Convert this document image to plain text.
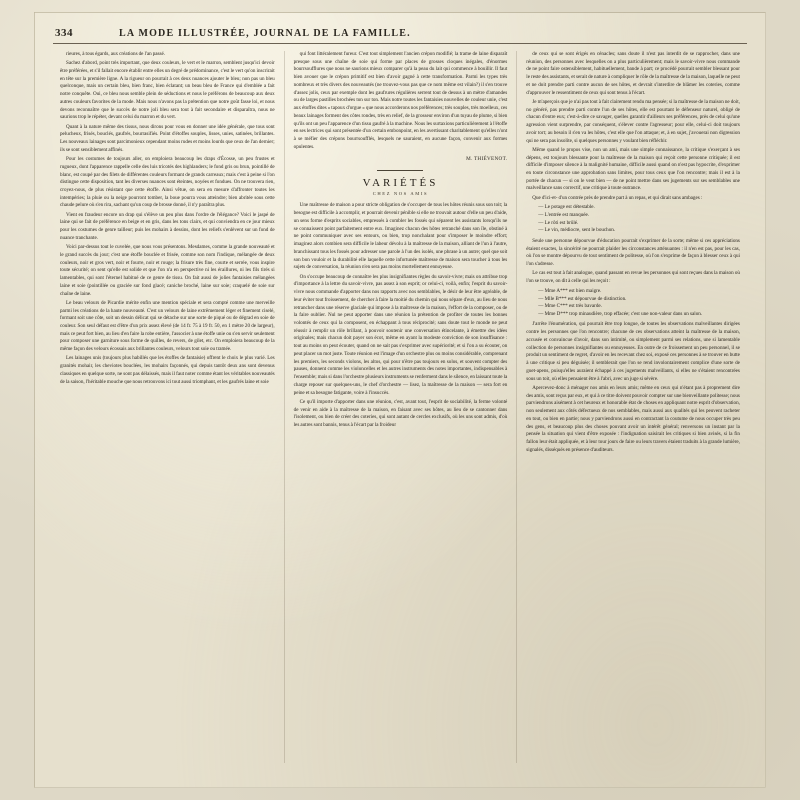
334	LA MODE ILLUSTRÉE, JOURNAL DE LA FAMILLE.

rieures, à tous égards, aux créations de l'an passé.

Sachez d'abord, point très important, que deux couleurs, le vert et le marron, semblent jusqu'ici devoir être préférées, et s'il fallait encore établir entre elles un degré de prédominance, c'est le vert qu'on inscrirait en tête sur la première ligne. A la rigueur on pourrait à ces deux nuances ajouter le bleu; non pas un bleu quelconque, mais un certain bleu, bien franc, bien éclatant; un beau bleu de France qui d'emblée a fait notre conquête. Oui, ce bleu nous semble plein de séductions et nous le préférons de beaucoup aux deux autres couleurs favorites de la mode. Mais nous n'avons pas la prétention que notre goût fasse loi, et nous devons reconnaître que le succès de notre joli bleu sera tout à fait secondaire et disparaîtra, nous ne saurions trop le répéter, devant celui du marron et du vert.

Quant à la nature même des tissus, nous dirons pour vous en donner une idée générale, que tous sont pelucheux, frisés, bouclés, gaufrés, bourrasifiés. Point d'étoffes souples, lisses, unies, satinées, brillantes. Les nouveaux lainages sont parcimonieux cependant moins rudes et moins lourds que ceux de l'an dernier; ils se sont sensiblement affinés.

Pour les costumes de toujours aller, on emploiera beaucoup les draps d'Écosse, un peu frustes et rugueux, dont l'apparence rappelle celle des luis tricotés des highlanders; le fond gris ou brun, pointillé de blanc, est coupé par des filets de différentes couleurs formant de grands carreaux; mais c'est à peine si l'on distingue cette disposition, tant les diverses nuances sont éteintes, noyées et fondues. On ne trouvera rien, croyez-nous, de plus résistant que cette étoffe. Ainsi vêtue, on sera en mesure d'affronter toutes les intempéries; la pluie ou la neige pourront tomber, la boue pourra vous atteindre; bien abritée sous cette chaude pelure où s'en rira, sachant qu'un coup de brosse donné, il n'y paraîtra plus.

Vient en fraudeur encore un drap qui s'élève un peu plus dans l'ordre de l'élégance? Voici le jaspé de laine qui se fait de préférence en beige et en gris, dans les tons clairs, et qui conviendra en ce jour mieux pour les costumes de genre tailleur; puis les mohairs à dessins, dont les reliefs s'enlèvent sur un fond de nuance tranchante.

Voici par-dessus tout le cuvelée, que nous vous présentons. Mesdames, comme la grande nouveauté et le grand succès du jour; c'est une étoffe bouclée et frisée, comme son nom l'indique, mélangée de deux couleurs, noir et gros vert, noir et fourre, noir et rouge; la frisure très fine, courte et serrée, vous inspire toute sécurité; on sent qu'elle est solide et que l'on n'a en perspective ni les éraillures, ni les fils tirés si lamentables, qui sont l'éternel habitué de ce genre de tissu. On fait aussi de jolies fantaisies mélangées laine et soie (pointillée ou graciée sur fond glacé; caniche broché, laine sur soie; craquelé de soie sur chaîne de laine.

Le beau velours de Picardie mérite enfin une mention spéciale et sera compté comme une merveille parmi les créations de la haute nouveauté. C'est un velours de laine extrêmement léger et finement ciselé, formant soit une côte, soit un dessin délicat qui se détache sur une sorte de piqué ou de dégrad en soie de couleur. Son seul défaut est d'être d'un prix assez élevé (de 14 fr. 75 à 19 fr. 50, en 1 mètre 20 de largeur), mais ce peut fort bien, au lieu d'en faire la robe entière, l'associer à une étoffe unie ou s'en servir seulement pour composer une garniture sous forme de quilles, de revers, de gilet, etc. On emploiera beaucoup de la même façon des velours écossais aux brillantes couleurs, velours tout soie ou tramée.

Les lainages unis (toujours plus habillés que les étoffes de fantaisie) offrent le choix le plus varié. Les granités mohair, les cheviotes bouclées, les mohairs façonnés, qui depuis tantôt deux ans sont devenus classiques en quelque sorte, ne sont pas délaissés, mais il faut noter comme étant les véritables nouveautés de la saison, l'héritable mouche que nous retrouvons ici tout aussi triomphant, et les gaufrés laine et soie

qui font littéralement fureur. C'est tout simplement l'ancien crépon modifié; la trame de laine disparaît presque sous une chaîne de soie qui forme par places de grosses cloques inégales, d'énormes bourrsoufflures que nous ne saurions mieux comparer qu'à la peau du lait qui commence à bouillir. Il faut bien avouer que le crépon primitif est bien d'avoir gagné à cette transformation. Parmi les types très nombreux et très divers des nouveautés (ne trouvez-vous pas que ce nom même est vilain?) il s'en trouve d'assez jolis, ceux par exemple dont les gaufrures régulières serrent tout de dessus à un mètre d'amandes ou de larges pastilles brochées ton sur ton. Mais notre toutes les fantaisies nouvelles de couleur unie, c'est aux étoffes dites « tapoux d'orgue » que nous accorderons nos préférences; très souples, très moelleux, ces beaux lainages forment des côtes rondes, très en relief, de la grosseur environ d'un tuyau de plume, si bien qu'ils ont un peu l'apparence d'un tissu gaufré à la machine. Nous les surtaxions particulièrement à l'étoffe en ses lectrices qui sont présentée d'un certain embonpoint, en les avertissant charitablement qu'elles n'ont à se méfier des crépons bourrsoufflés, lesquels ne sauraient, en aucune façon, convenir aux formes opulentes.

M. THIÉVENOT.

VARIÉTÉS
CHEZ NOS AMIS

Une maîtresse de maison a pour stricte obligation de s'occuper de tous les hôtes réunis sous son toit; la besogne est difficile à accomplir, et pourrait devenir pénible si elle ne trouvait autour d'elle un peu d'aide, un sens forme d'esprits sociables, empressés à combler les fossés qui séparent les assistants lorsqu'ils ne se connaissent point parfaitement entre eux. Imaginez chacun des hôtes retranché dans son île, obstiné à ne point communiquer avec ses entours, ou bien, trop nonchalant pour s'imposer le moindre effort; imaginez alors combien sera difficile le labeur dévolu à la maîtresse de la maison, alliant de l'un à l'autre, branchissant tous les fossés pour adresser une parole à l'un des isolés, une phrase à un autre; quel que soit son bon vouloir et la durabilité elle laquelle cette infortunée maîtresse de maison sera toucher à tous les sujets de conversation, la réunion n'en sera pas moins mortellement ennuyeuse.

On s'occupe beaucoup de connaître les plus insignifiantes règles du savoir-vivre; mais on attribue trop d'importance à la lettre du savoir-vivre, pas assez à son esprit; or celui-ci, voilà, enfin; l'esprit du savoir-vivre nous commande d'apporter dans nos rapports avec nos semblables, le désir de leur être agréable, de leur éviter tout froissement, de chercher à faire la moitié du chemin qui nous sépare d'eux, au lieu de nous retrancher dans une réserve glaciale qui impose à la maîtresse de la maison, l'effort de la composer, ou de la faire oublier. Nul ne peut apporter dans une réunion la prétention de profiter de toutes les bonnes volontés de ceux qui la composent, en échappant à tous réciprocité; sans doute tout le monde ne peut réussir à remplir un rôle brillant, à pouvoir soutenir une conversation étincelante, à émettre des idées originales; mais chacun doit payer son écot, même en ayant la modeste conviction de son insuffisance : tout au moins on peut écouter, quand on ne sait pas s'exprimer avec supériorité; et si l'on a su écouter, on peut placer un mot juste. Toute réunion est l'image d'un orchestre plus ou moins considérable, comprenant les premiers, les seconds violons, les altos, qui pour n'être pas toujours en solos, et souvent compter des pauses, donnent comme les violoncelles et les autres instruments des notes importantes, indispensables à l'ensemble; mais si dans l'orchestre plusieurs instruments se renferment dans le silence, en laissant toute la charge reposer sur quelques-uns, le chef d'orchestre — lisez, la maîtresse de la maison — sera fort en peine et sa besogne fatigante, voire à l'insuccès.

Ce qu'il importe d'apporter dans une réunion, c'est, avant tout, l'esprit de sociabilité, la ferme volonté de venir en aide à la maîtresse de la maison, en faisant avec ses hôtes, au lieu de se cantonner dans l'isolement, ou bien de créer des coteries, qui sont autant de cercles exclusifs, où les uns sont admis, d'où les autres sont bannis, tenus à l'écart par la froideur

de ceux qui se sont érigés en cénacles; sans doute il n'est pas interdit de se rapprocher, dans une réunion, des personnes avec lesquelles on a plus particulièrement; mais le savoir-vivre nous commande de ne point faire ostensiblement, habituellement, bande à part; ce procédé pourrait sembler blessant pour le reste des assistants, et serait de nature à compliquer le rôle de la maîtresse de la maison, laquelle ne peut et ne doit prendre parti contre aucun de ses hôtes, et devrait s'interdire de blâmer les coteries, comme d'approuver le ressentiment de ceux qui sont tenus à l'écart.

Je m'aperçois que je n'ai pas tout à fait clairement rendu ma pensée; si la maîtresse de la maison ne doit, no généré, pas prendre parti contre l'un de ses hôtes, elle est pourtant le défenseur naturel, obligé de chacun d'entre eux; c'est-à-dire ce savager, quelles garantir d'ailleurs ses préférences, près de celui qu'une agression vient surprendre, par conséquent, s'élever contre l'agresseur; pour elle, celui-ci doit toujours avoir tort; au besoin il s'en va les hôtes, c'est elle que l'on attaque; et, à en sujet, j'avouerai non digression qui ne sera pas insolite, si quelques personnes y voulant bien réfléchir.

Même quand le propos vise, non un ami, mais une simple connaissance, la critique s'exerçant à ses dépens, est toujours blessante pour la maîtresse de la maison qui reçoit cette personne critiquée; il est difficile d'imposer silence à la malignité humaine, difficile aussi quand on n'est pas hypocrite, d'exprimer en toute circonstance une approbation sans limites, pour tous ceux que l'on rencontre; mais il est à la portée de chacun — si on le veut bien — de ne point mettre dans ses jugements sur ses semblables une malveillance sans correctif, une critique à toute outrance.

Que d'ici-et- d'un contrée près de prendre part à un repas, et qui dirait sans ambages :

— Le potage est détestable.
— L'entrée est manquée.
— Le rôti est brûlé.
— Le vin, médiocre, sent le bouchon.

Seule une personne dépourvue d'éducation pourrait s'exprimer de la sorte; même si ces appréciations étaient exactes, la sincérité ne pourrait plaider les circonstances atténuantes : il n'en est pas, pour les cas, où l'on se montre dépourvu de tout sentiment de politesse, où l'on s'exprime de façon à blesser ceux à qui l'on s'adresse.

Le cas est tout à fait analogue, quand passant en revue les personnes qui sont reçues dans la maison où l'on se trouve, on dit à celle qui les reçoit :

— Mme A*** est bien maigre.
— Mlle B*** est dépourvue de distinction.
— Mme C*** est très bavarde.
— Mme D*** trop minaudière, trop effacée; c'est une non-valeur dans un salon.

J'arrête l'énumération, qui pourrait être trop longue, de toutes les observations malveillantes dirigées contre les personnes que l'on rencontre; chacune de ces observations atteint la maîtresse de la maison, accusée et convaincue d'avoir, dans son intimité, ou simplement parmi ses relations, une si lamentable collection de personnes insignifiantes ou ennuyeuses. En outre de ce froissement un peu personnel, il se produit un sentiment de regret, d'avoir en les recevant chez soi, exposé ces personnes à se trouver en butte à une critique si peu déguisée; il semblerait que l'on se rend involontairement complice d'une sorte de guet-apens, puisqu'elles auraient échappé à ces jugements malveillants, si elles ne s'étaient rencontrées sous un toit, où elles pensaient être à l'abri, avec un juge si sévère.

Apercevez-donc à ménager nos amis en leurs amis; même en ceux qui n'étant pas à proprement dire des amis, sont reçus par eux, et qui à ce titre doivent pouvoir compter sur une bienveillante politesse; nous parviendrons aisément à cet heureux et honorable état de choses en appliquant notre esprit d'observation, non seulement aux côtés défectueux de nos semblables, mais aussi aux qualités qui les peuvent racheter en tout, ou bien en partie; nous y parviendrons aussi en contractant la coutume de nous occuper très peu des gens, et beaucoup plus des choses pouvant avoir un intérêt général; renversons un instant par la pensée la situation qui vient d'être exposée : l'indignation saisirait les critiques si bien avisés, si la fin fallon leur était appliquée, et à leur tour jours de faire ou leurs travers étaient traduits à la grande lumière, signalés, disséqués en présence d'auditeurs.
